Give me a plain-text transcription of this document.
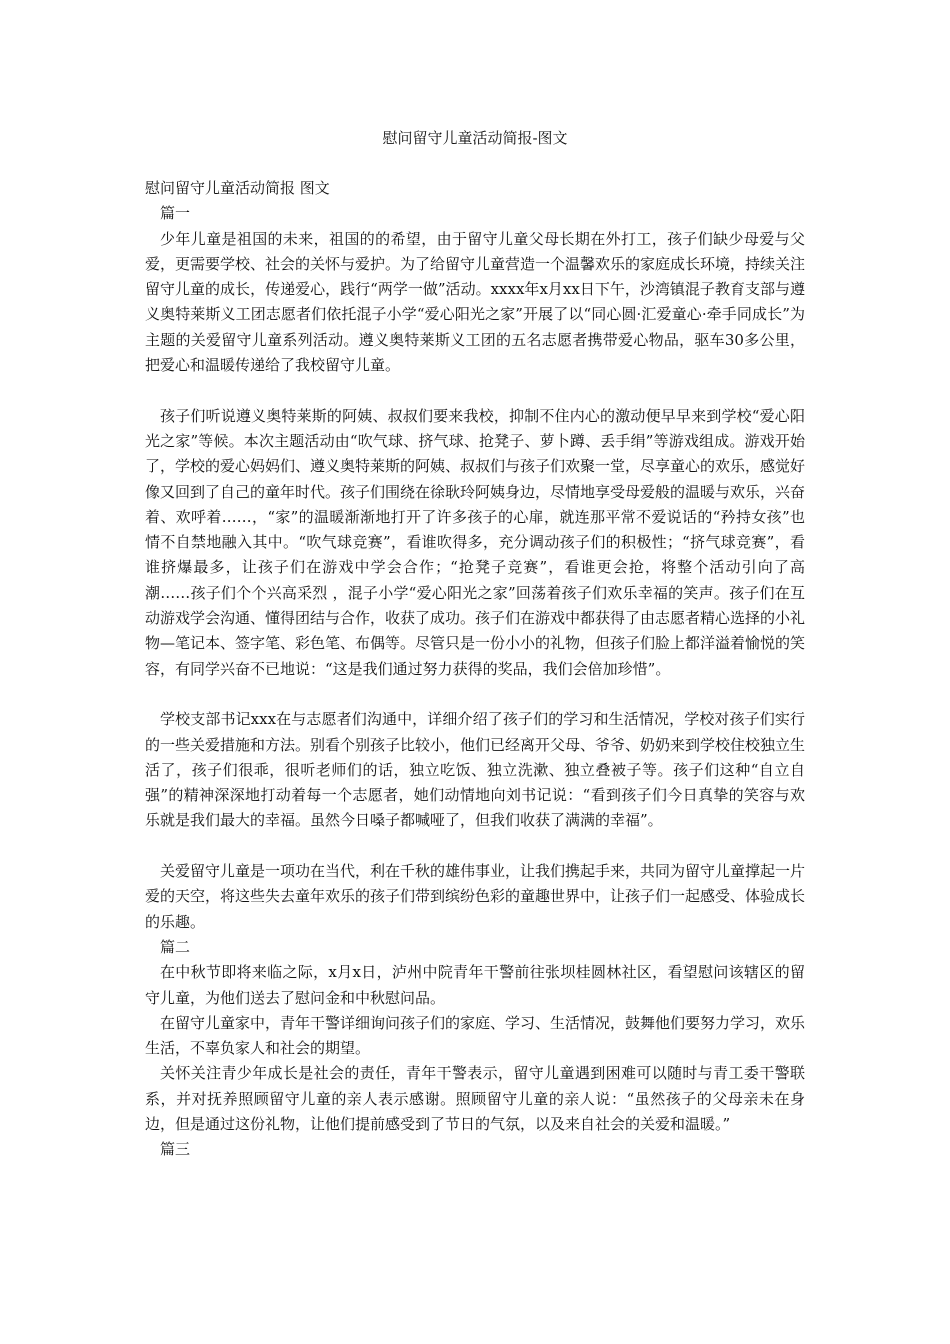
慰问留守儿童活动简报-图文

慰问留守儿童活动简报 图文

篇一

少年儿童是祖国的未来，祖国的的希望，由于留守儿童父母长期在外打工，孩子们缺少母爱与父爱，更需要学校、社会的关怀与爱护。为了给留守儿童营造一个温馨欢乐的家庭成长环境，持续关注留守儿童的成长，传递爱心，践行“两学一做”活动。xxxx年x月xx日下午，沙湾镇混子教育支部与遵义奥特莱斯义工团志愿者们依托混子小学“爱心阳光之家”开展了以“同心圆·汇爱童心·牵手同成长”为主题的关爱留守儿童系列活动。遵义奥特莱斯义工团的五名志愿者携带爱心物品，驱车30多公里，把爱心和温暖传递给了我校留守儿童。

孩子们听说遵义奥特莱斯的阿姨、叔叔们要来我校，抑制不住内心的激动便早早来到学校“爱心阳光之家”等候。本次主题活动由“吹气球、挤气球、抢凳子、萝卜蹲、丢手绢”等游戏组成。游戏开始了，学校的爱心妈妈们、遵义奥特莱斯的阿姨、叔叔们与孩子们欢聚一堂，尽享童心的欢乐，感觉好像又回到了自己的童年时代。孩子们围绕在徐耿玲阿姨身边，尽情地享受母爱般的温暖与欢乐，兴奋着、欢呼着……，“家”的温暖渐渐地打开了许多孩子的心扉，就连那平常不爱说话的“矜持女孩”也情不自禁地融入其中。“吹气球竞赛”，看谁吹得多，充分调动孩子们的积极性；“挤气球竞赛”，看谁挤爆最多，让孩子们在游戏中学会合作；“抢凳子竞赛”，看谁更会抢，将整个活动引向了高潮……孩子们个个兴高采烈 ，混子小学“爱心阳光之家”回荡着孩子们欢乐幸福的笑声。孩子们在互动游戏学会沟通、懂得团结与合作，收获了成功。孩子们在游戏中都获得了由志愿者精心选择的小礼物—笔记本、签字笔、彩色笔、布偶等。尽管只是一份小小的礼物，但孩子们脸上都洋溢着愉悦的笑容，有同学兴奋不已地说：“这是我们通过努力获得的奖品，我们会倍加珍惜”。

学校支部书记xxx在与志愿者们沟通中，详细介绍了孩子们的学习和生活情况，学校对孩子们实行的一些关爱措施和方法。别看个别孩子比较小，他们已经离开父母、爷爷、奶奶来到学校住校独立生活了，孩子们很乖，很听老师们的话，独立吃饭、独立洗漱、独立叠被子等。孩子们这种“自立自强”的精神深深地打动着每一个志愿者，她们动情地向刘书记说：“看到孩子们今日真挚的笑容与欢乐就是我们最大的幸福。虽然今日嗓子都喊哑了，但我们收获了满满的幸福”。

关爱留守儿童是一项功在当代，利在千秋的雄伟事业，让我们携起手来，共同为留守儿童撑起一片爱的天空，将这些失去童年欢乐的孩子们带到缤纷色彩的童趣世界中，让孩子们一起感受、体验成长的乐趣。

篇二

在中秋节即将来临之际，x月x日，泸州中院青年干警前往张坝桂圆林社区，看望慰问该辖区的留守儿童，为他们送去了慰问金和中秋慰问品。

在留守儿童家中，青年干警详细询问孩子们的家庭、学习、生活情况，鼓舞他们要努力学习，欢乐生活，不辜负家人和社会的期望。

关怀关注青少年成长是社会的责任，青年干警表示，留守儿童遇到困难可以随时与青工委干警联系，并对抚养照顾留守儿童的亲人表示感谢。照顾留守儿童的亲人说：“虽然孩子的父母亲未在身边，但是通过这份礼物，让他们提前感受到了节日的气氛，以及来自社会的关爱和温暖。”

篇三
